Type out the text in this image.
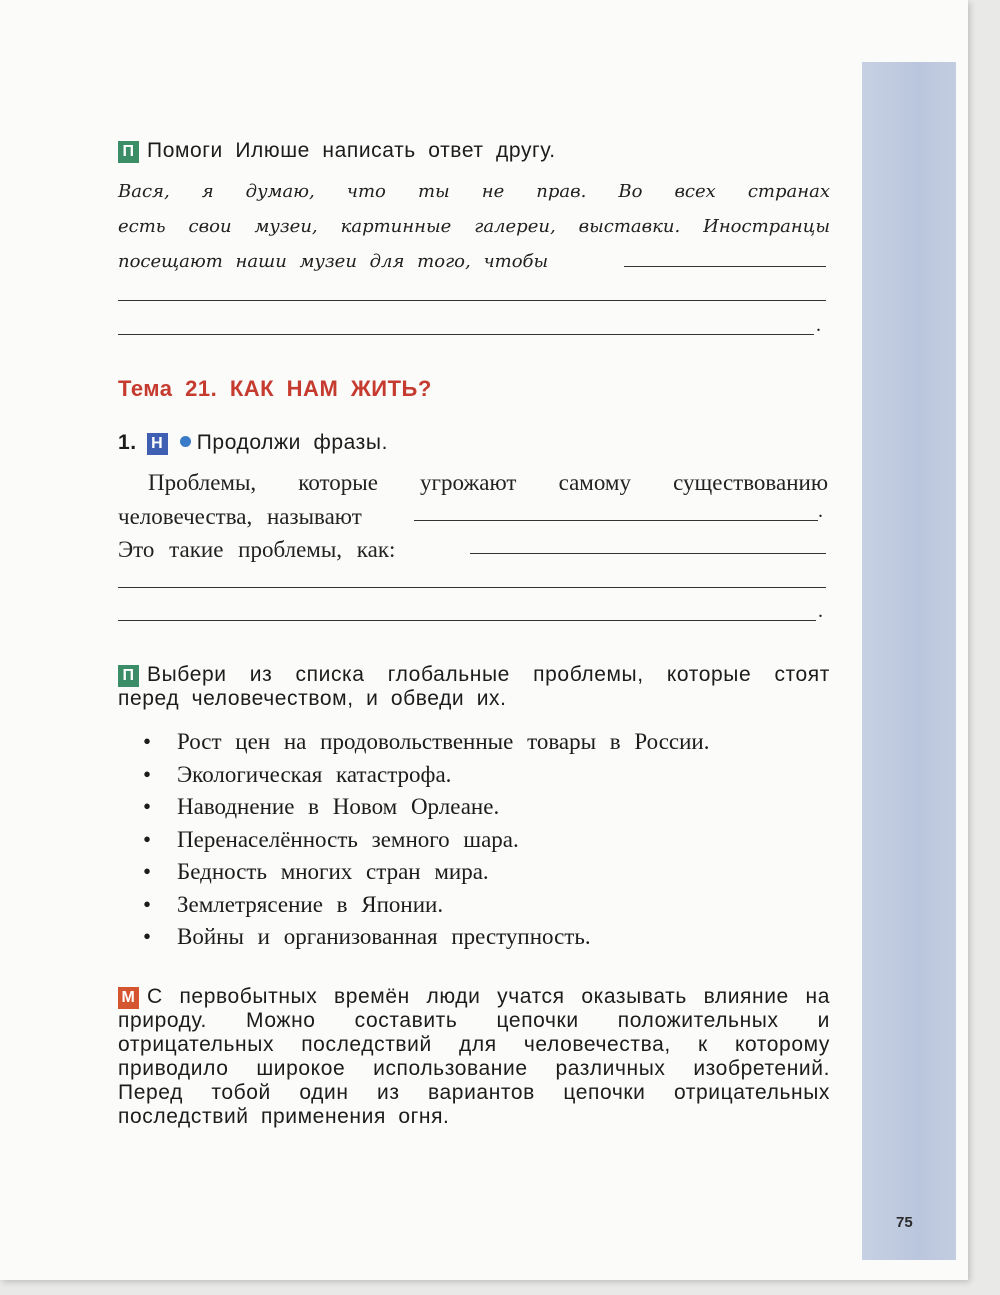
П Помоги Илюше написать ответ другу.
Вася, я думаю, что ты не прав. Во всех странах
есть свои музеи, картинные галереи, выставки. Иностранцы
посещают наши музеи для того, чтобы
.
Тема 21. КАК НАМ ЖИТЬ?
1. Н Продолжи фразы.
Проблемы, которые угрожают самому существованию
человечества, называют	.
Это такие проблемы, как:
.
П Выбери из списка глобальные проблемы, которые стоят перед человечеством, и обведи их.
• Рост цен на продовольственные товары в России.
• Экологическая катастрофа.
• Наводнение в Новом Орлеане.
• Перенаселённость земного шара.
• Бедность многих стран мира.
• Землетрясение в Японии.
• Войны и организованная преступность.
М С первобытных времён люди учатся оказывать влияние на природу. Можно составить цепочки положительных и отрицательных последствий для человечества, к которому приводило широкое использование различных изобретений. Перед тобой один из вариантов цепочки отрицательных последствий применения огня.
75
